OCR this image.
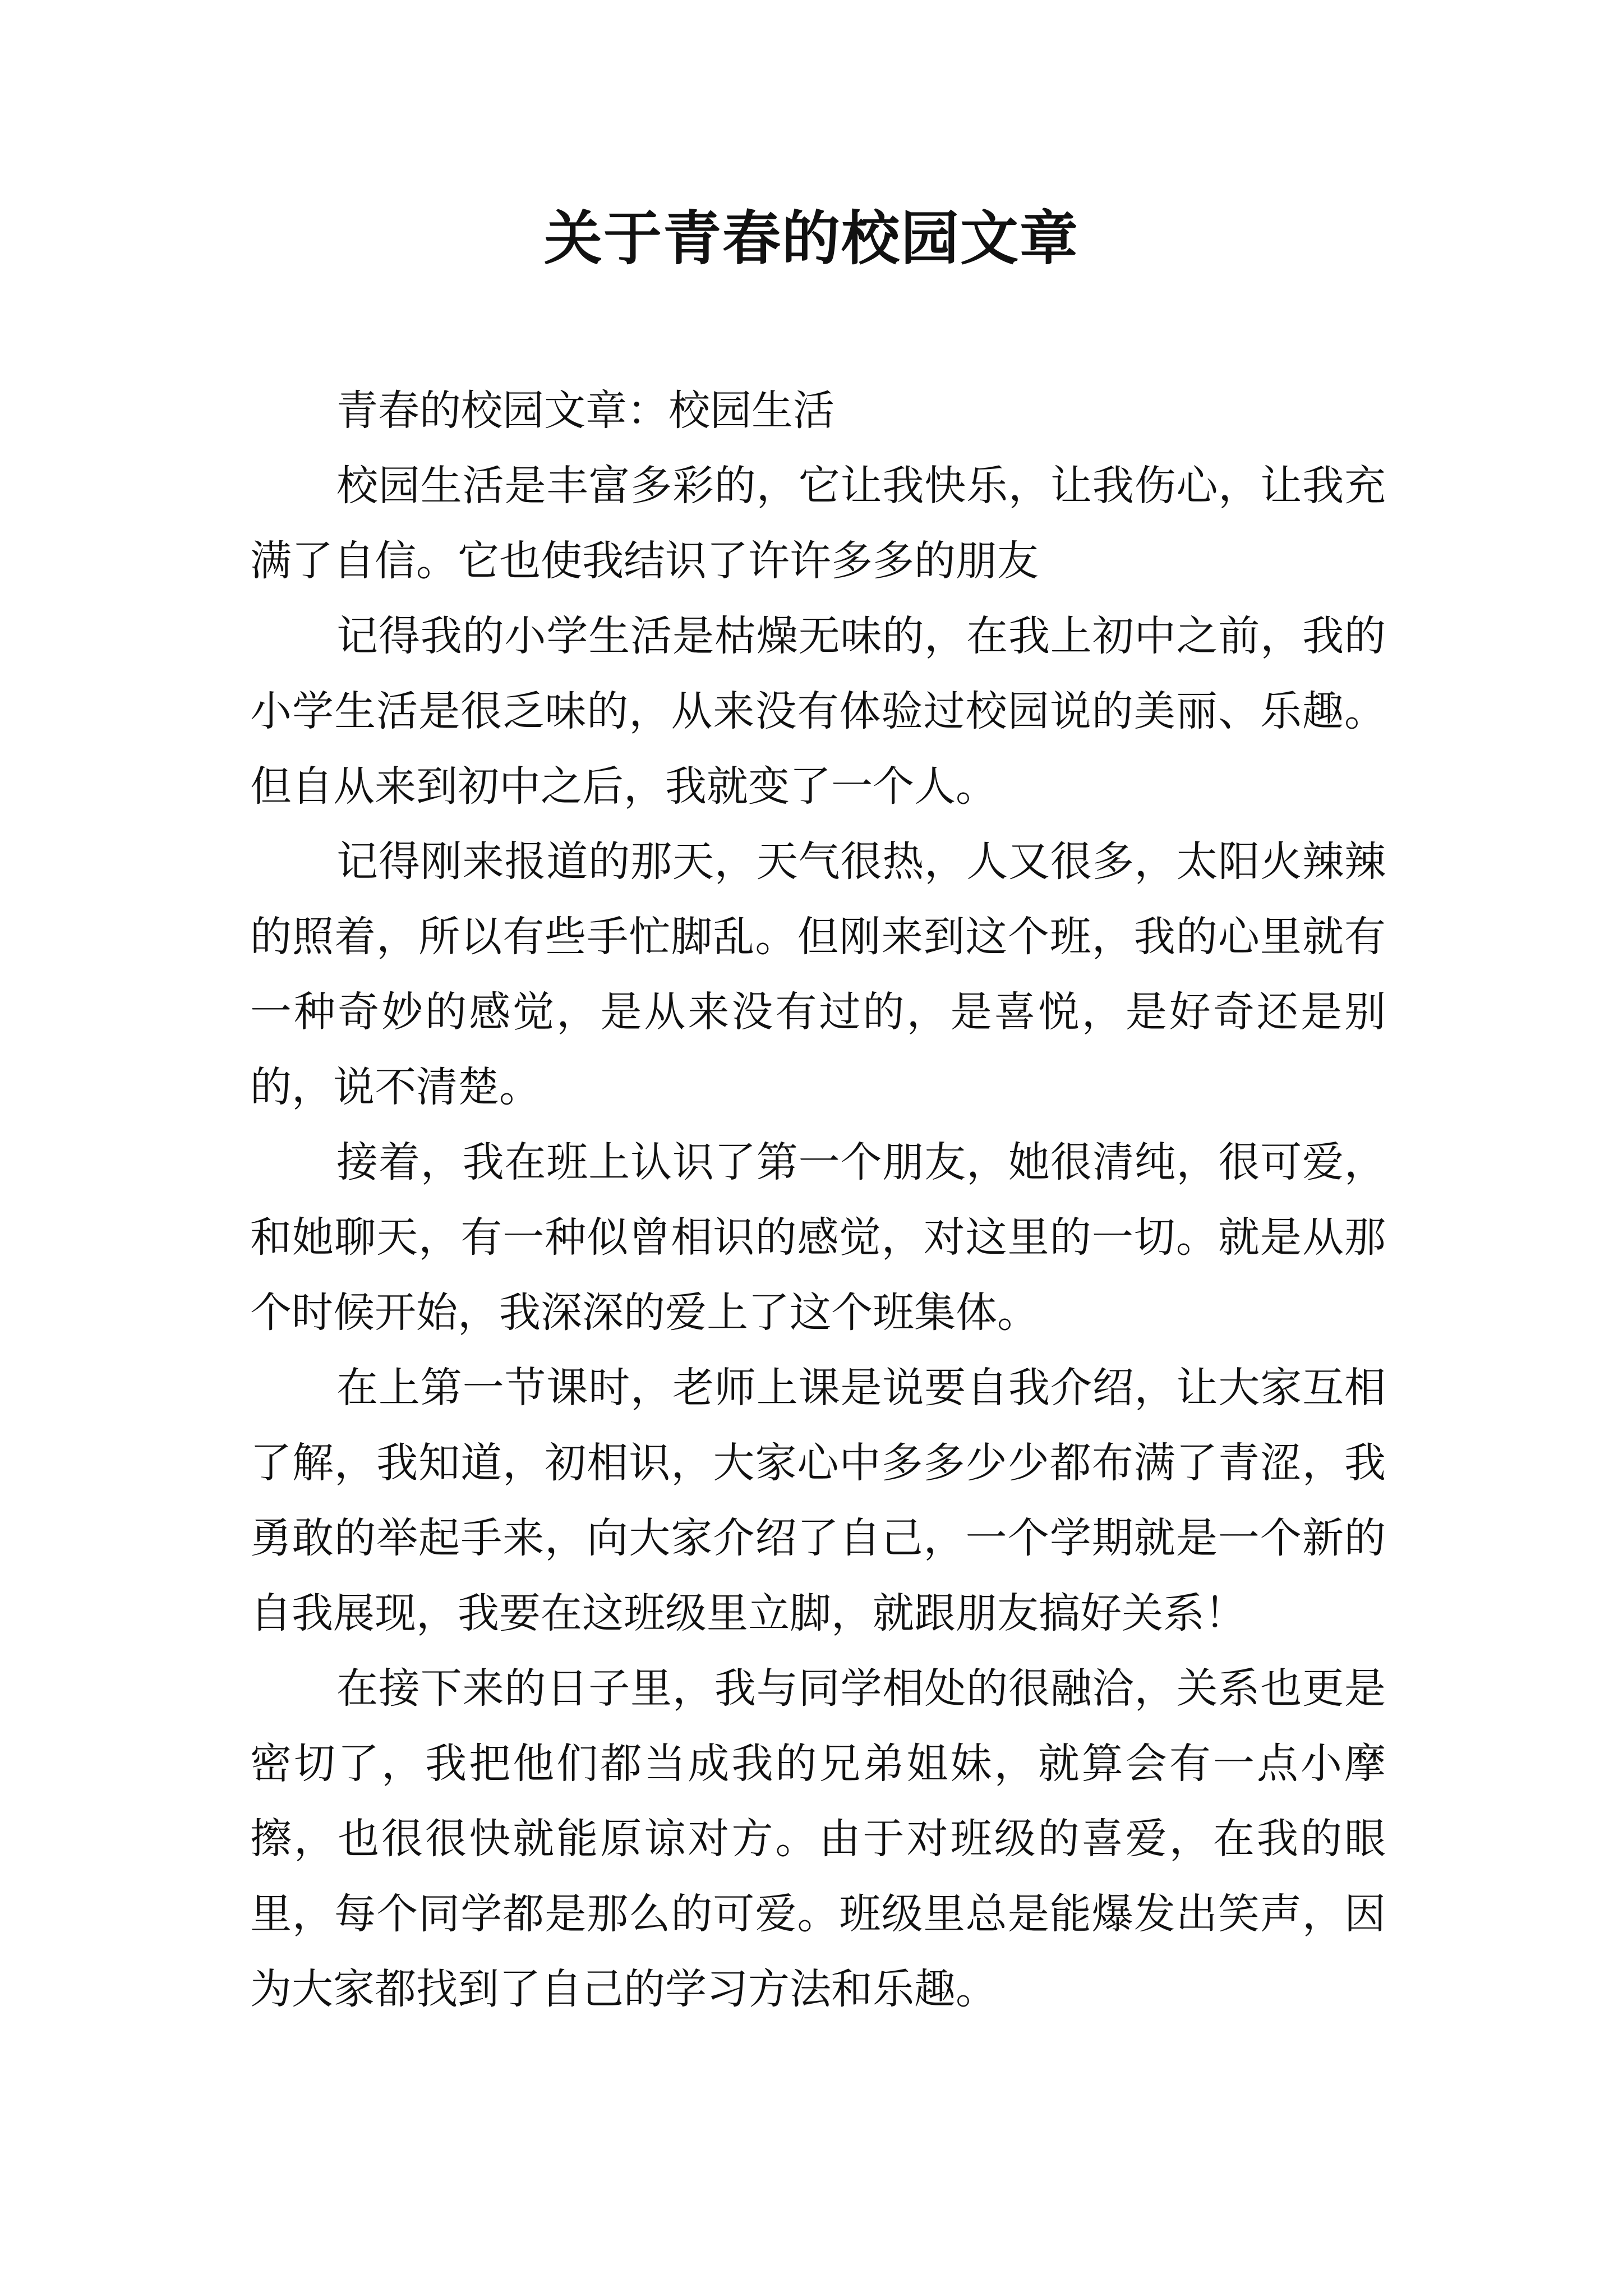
关于青春的校园文章

青春的校园文章：校园生活

校园生活是丰富多彩的，它让我快乐，让我伤心，让我充满了自信。它也使我结识了许许多多的朋友

记得我的小学生活是枯燥无味的，在我上初中之前，我的小学生活是很乏味的，从来没有体验过校园说的美丽、乐趣。但自从来到初中之后，我就变了一个人。

记得刚来报道的那天，天气很热，人又很多，太阳火辣辣的照着，所以有些手忙脚乱。但刚来到这个班，我的心里就有一种奇妙的感觉，是从来没有过的，是喜悦，是好奇还是别的，说不清楚。

接着，我在班上认识了第一个朋友，她很清纯，很可爱，和她聊天，有一种似曾相识的感觉，对这里的一切。就是从那个时候开始，我深深的爱上了这个班集体。

在上第一节课时，老师上课是说要自我介绍，让大家互相了解，我知道，初相识，大家心中多多少少都布满了青涩，我勇敢的举起手来，向大家介绍了自己，一个学期就是一个新的自我展现，我要在这班级里立脚，就跟朋友搞好关系！

在接下来的日子里，我与同学相处的很融洽，关系也更是密切了，我把他们都当成我的兄弟姐妹，就算会有一点小摩擦，也很很快就能原谅对方。由于对班级的喜爱，在我的眼里，每个同学都是那么的可爱。班级里总是能爆发出笑声，因为大家都找到了自己的学习方法和乐趣。
